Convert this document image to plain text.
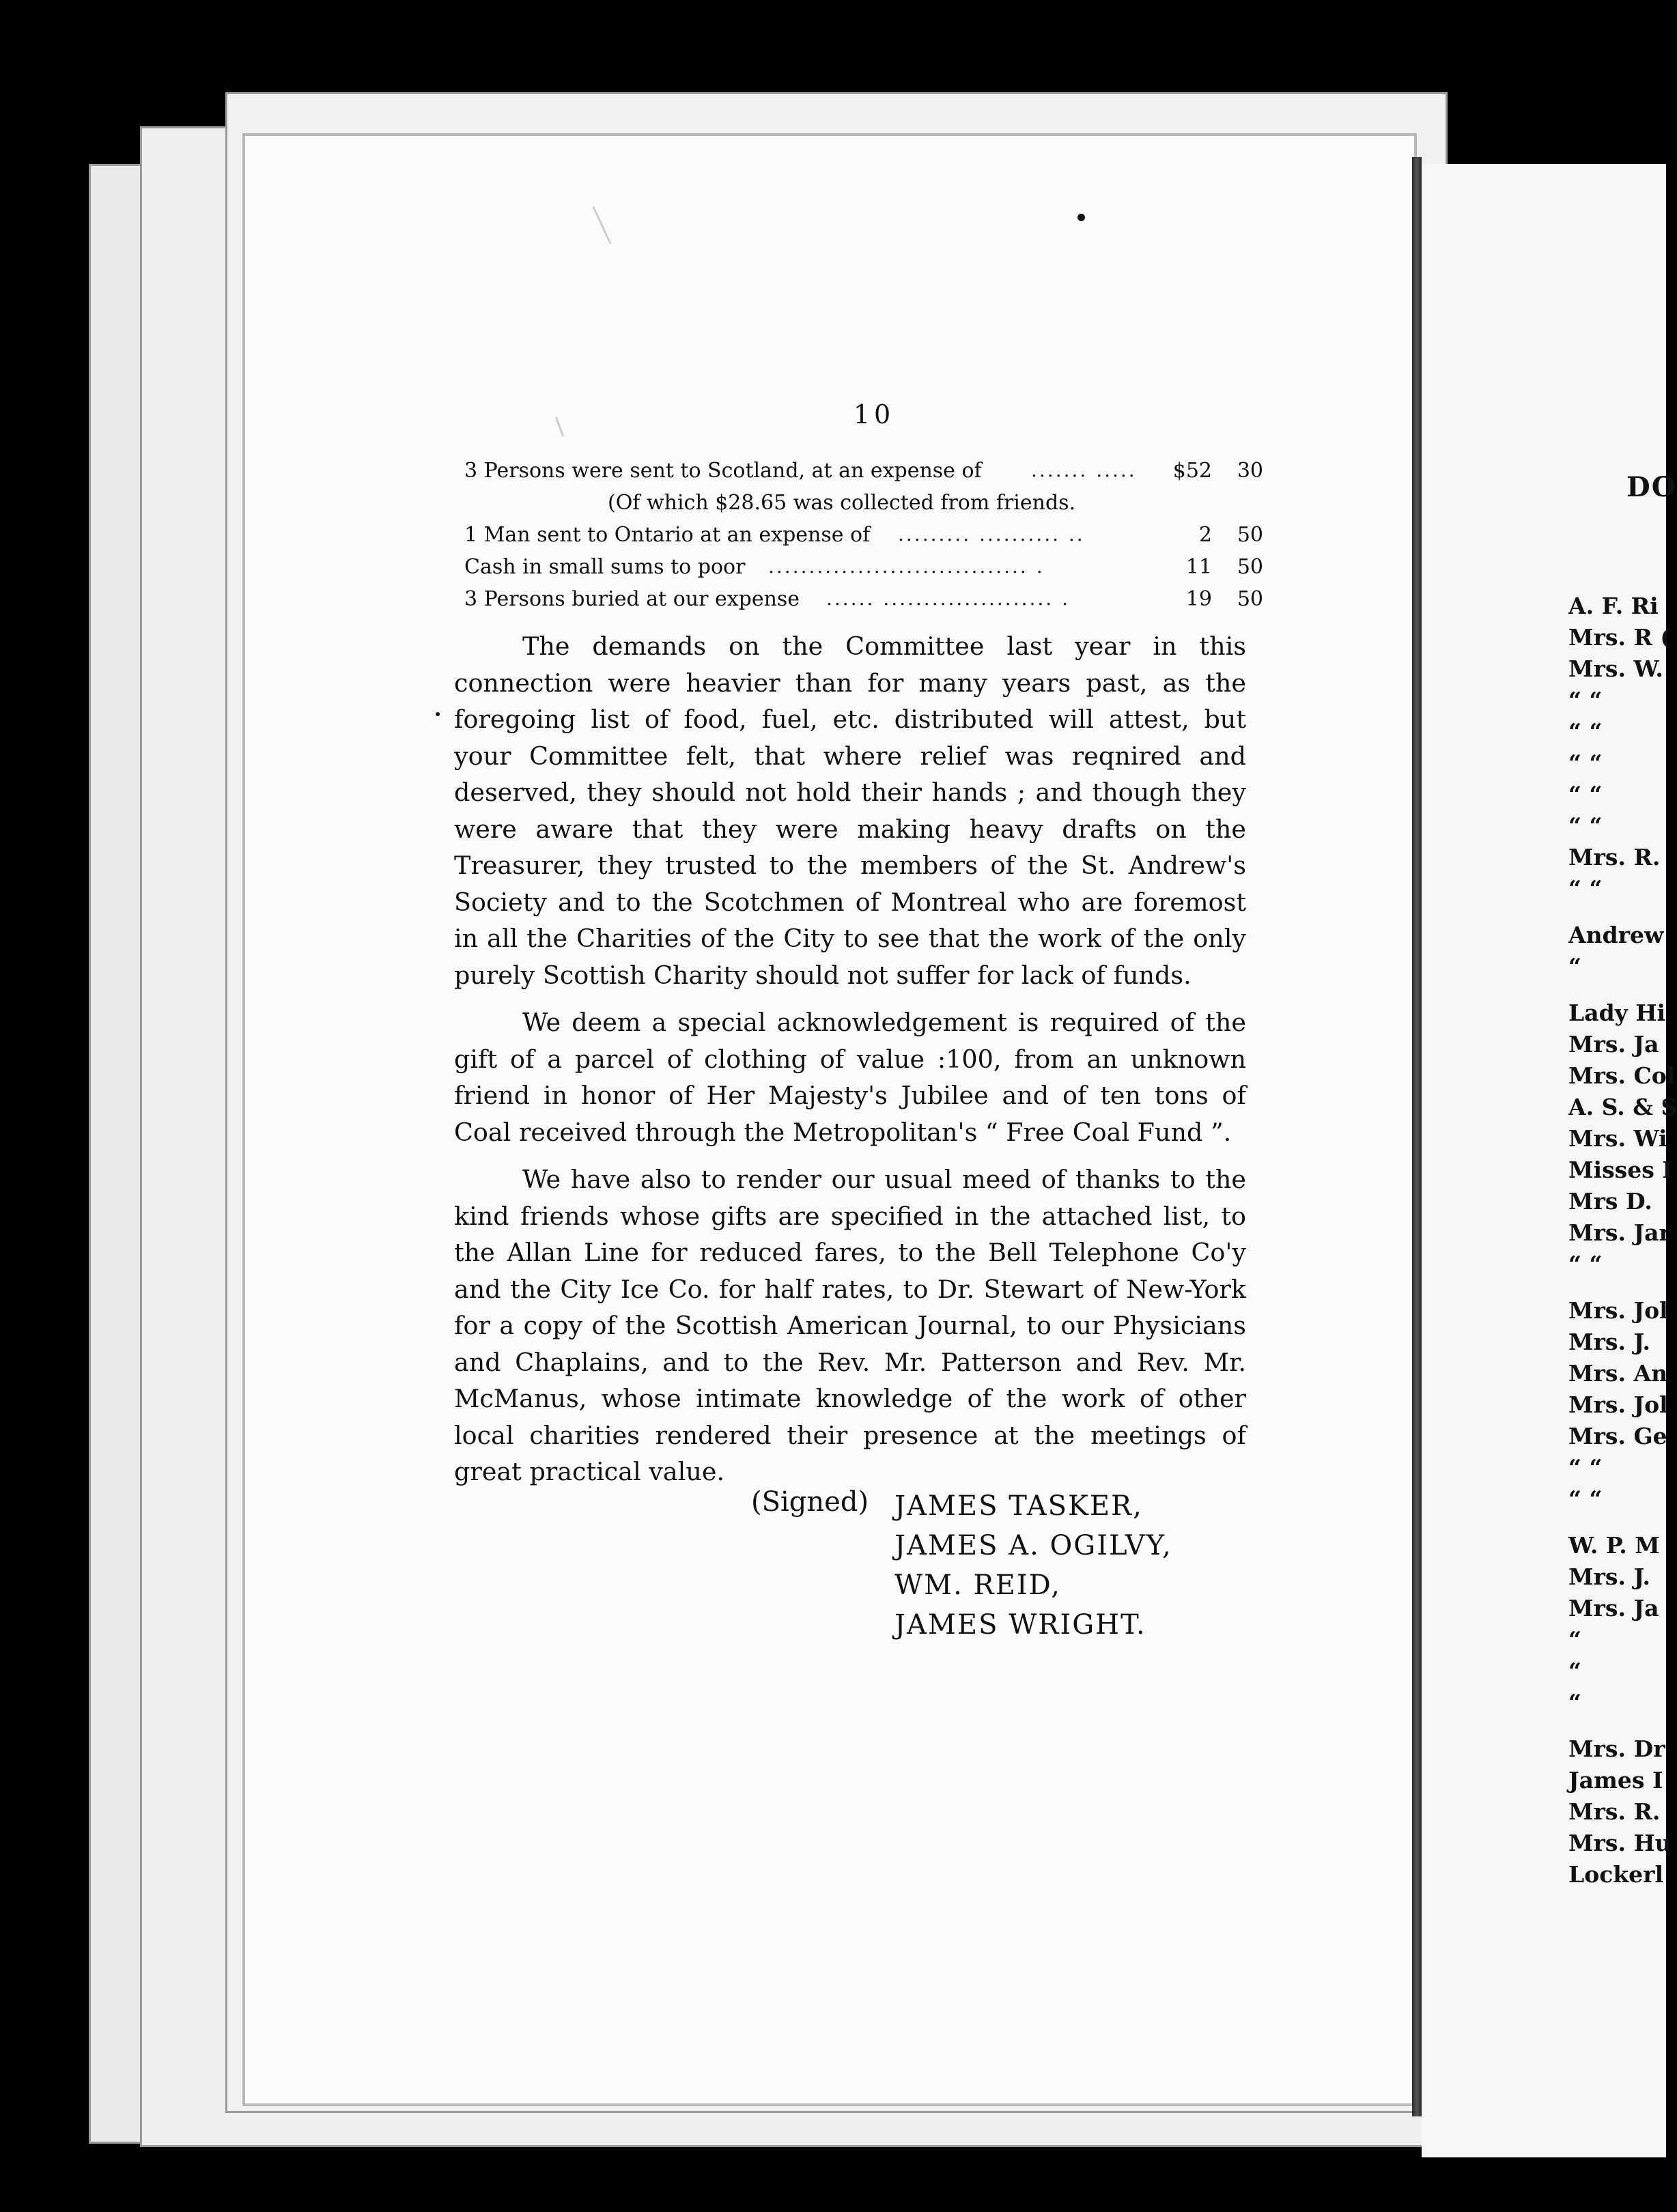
10
3 Persons were sent to Scotland, at an expense of	....... .....	$52	30
(Of which $28.65 was collected from friends.
1 Man sent to Ontario at an expense of ......... .......... ..	2	50
Cash in small sums to poor ................................ .	11	50
3 Persons buried at our expense ...... ..................... .	19	50

The demands on the Committee last year in this connection were heavier than for many years past, as the foregoing list of food, fuel, etc. distributed will attest, but your Committee felt, that where relief was reqnired and deserved, they should not hold their hands ; and though they were aware that they were making heavy drafts on the Treasurer, they trusted to the members of the St. Andrew's Society and to the Scotchmen of Montreal who are foremost in all the Charities of the City to see that the work of the only purely Scottish Charity should not suffer for lack of funds.

We deem a special acknowledgement is required of the gift of a parcel of clothing of value :100, from an unknown friend in honor of Her Majesty's Jubilee and of ten tons of Coal received through the Metropolitan's “ Free Coal Fund ”.

We have also to render our usual meed of thanks to the kind friends whose gifts are specified in the attached list, to the Allan Line for reduced fares, to the Bell Telephone Co'y and the City Ice Co. for half rates, to Dr. Stewart of New-York for a copy of the Scottish American Journal, to our Physicians and Chaplains, and to the Rev. Mr. Patterson and Rev. Mr. McManus, whose intimate knowledge of the work of other local charities rendered their presence at the meetings of great practical value.

(Signed) JAMES TASKER,
JAMES A. OGILVY,
WM. REID,
JAMES WRIGHT.
DO
A. F. Ri
Mrs. R (
Mrs. W.
“ “
“ “
“ “
“ “
“ “
Mrs. R.
“ “
Andrew
“
Lady Hi
Mrs. Ja
Mrs. Col
A. S. & S
Mrs. Wi
Misses I
Mrs D.
Mrs. Jar
“ “
Mrs. Jol
Mrs. J.
Mrs. An
Mrs. Jol
Mrs. Ge
“ “
“ “
W. P. M
Mrs. J.
Mrs. Ja
“
“
“
Mrs. Dr
James I
Mrs. R.
Mrs. Hu
Lockerl
